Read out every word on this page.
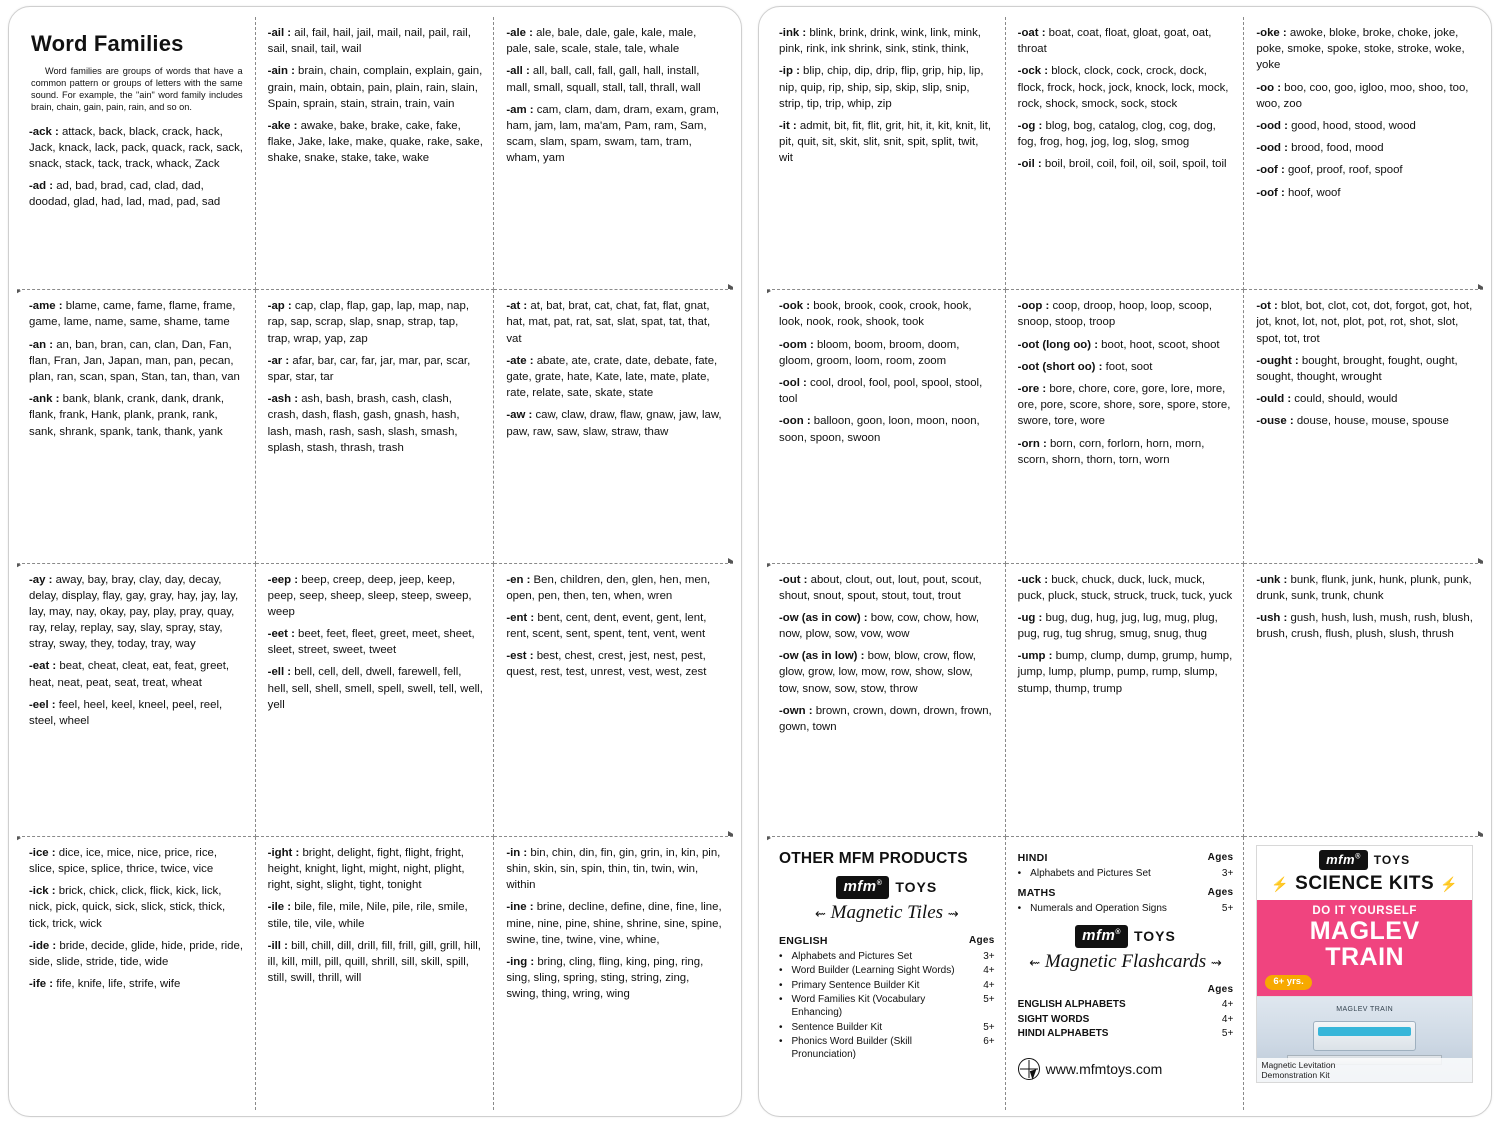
Word Families
Word families are groups of words that have a common pattern or groups of letters with the same sound. For example, the "ain" word family includes brain, chain, gain, pain, rain, and so on.

-ack : attack, back, black, crack, hack, Jack, knack, lack, pack, quack, rack, sack, snack, stack, tack, track, whack, Zack

-ad : ad, bad, brad, cad, clad, dad, doodad, glad, had, lad, mad, pad, sad

-ail : ail, fail, hail, jail, mail, nail, pail, rail, sail, snail, tail, wail

-ain : brain, chain, complain, explain, gain, grain, main, obtain, pain, plain, rain, slain, Spain, sprain, stain, strain, train, vain

-ake : awake, bake, brake, cake, fake, flake, Jake, lake, make, quake, rake, sake, shake, snake, stake, take, wake

-ale : ale, bale, dale, gale, kale, male, pale, sale, scale, stale, tale, whale

-all : all, ball, call, fall, gall, hall, install, mall, small, squall, stall, tall, thrall, wall

-am : cam, clam, dam, dram, exam, gram, ham, jam, lam, ma'am, Pam, ram, Sam, scam, slam, spam, swam, tam, tram, wham, yam

-ame : blame, came, fame, flame, frame, game, lame, name, same, shame, tame

-an : an, ban, bran, can, clan, Dan, Fan, flan, Fran, Jan, Japan, man, pan, pecan, plan, ran, scan, span, Stan, tan, than, van

-ank : bank, blank, crank, dank, drank, flank, frank, Hank, plank, prank, rank, sank, shrank, spank, tank, thank, yank

-ap : cap, clap, flap, gap, lap, map, nap, rap, sap, scrap, slap, snap, strap, tap, trap, wrap, yap, zap

-ar : afar, bar, car, far, jar, mar, par, scar, spar, star, tar

-ash : ash, bash, brash, cash, clash, crash, dash, flash, gash, gnash, hash, lash, mash, rash, sash, slash, smash, splash, stash, thrash, trash

-at : at, bat, brat, cat, chat, fat, flat, gnat, hat, mat, pat, rat, sat, slat, spat, tat, that, vat

-ate : abate, ate, crate, date, debate, fate, gate, grate, hate, Kate, late, mate, plate, rate, relate, sate, skate, state

-aw : caw, claw, draw, flaw, gnaw, jaw, law, paw, raw, saw, slaw, straw, thaw

-ay : away, bay, bray, clay, day, decay, delay, display, flay, gay, gray, hay, jay, lay, lay, may, nay, okay, pay, play, pray, quay, ray, relay, replay, say, slay, spray, stay, stray, sway, they, today, tray, way

-eat : beat, cheat, cleat, eat, feat, greet, heat, neat, peat, seat, treat, wheat

-eel : feel, heel, keel, kneel, peel, reel, steel, wheel

-eep : beep, creep, deep, jeep, keep, peep, seep, sheep, sleep, steep, sweep, weep

-eet : beet, feet, fleet, greet, meet, sheet, sleet, street, sweet, tweet

-ell : bell, cell, dell, dwell, farewell, fell, hell, sell, shell, smell, spell, swell, tell, well, yell

-en : Ben, children, den, glen, hen, men, open, pen, then, ten, when, wren

-ent : bent, cent, dent, event, gent, lent, rent, scent, sent, spent, tent, vent, went

-est : best, chest, crest, jest, nest, pest, quest, rest, test, unrest, vest, west, zest

-ice : dice, ice, mice, nice, price, rice, slice, spice, splice, thrice, twice, vice

-ick : brick, chick, click, flick, kick, lick, nick, pick, quick, sick, slick, stick, thick, tick, trick, wick

-ide : bride, decide, glide, hide, pride, ride, side, slide, stride, tide, wide

-ife : fife, knife, life, strife, wife

-ight : bright, delight, fight, flight, fright, height, knight, light, might, night, plight, right, sight, slight, tight, tonight

-ile : bile, file, mile, Nile, pile, rile, smile, stile, tile, vile, while

-ill : bill, chill, dill, drill, fill, frill, gill, grill, hill, ill, kill, mill, pill, quill, shrill, sill, skill, spill, still, swill, thrill, will

-in : bin, chin, din, fin, gin, grin, in, kin, pin, shin, skin, sin, spin, thin, tin, twin, win, within

-ine : brine, decline, define, dine, fine, line, mine, nine, pine, shine, shrine, sine, spine, swine, tine, twine, vine, whine,

-ing : bring, cling, fling, king, ping, ring, sing, sling, spring, sting, string, zing, swing, thing, wring, wing

-ink : blink, brink, drink, wink, link, mink, pink, rink, ink shrink, sink, stink, think,

-ip : blip, chip, dip, drip, flip, grip, hip, lip, nip, quip, rip, ship, sip, skip, slip, snip, strip, tip, trip, whip, zip

-it : admit, bit, fit, flit, grit, hit, it, kit, knit, lit, pit, quit, sit, skit, slit, snit, spit, split, twit, wit

-oat : boat, coat, float, gloat, goat, oat, throat

-ock : block, clock, cock, crock, dock, flock, frock, hock, jock, knock, lock, mock, rock, shock, smock, sock, stock

-og : blog, bog, catalog, clog, cog, dog, fog, frog, hog, jog, log, slog, smog

-oil : boil, broil, coil, foil, oil, soil, spoil, toil

-oke : awoke, bloke, broke, choke, joke, poke, smoke, spoke, stoke, stroke, woke, yoke

-oo : boo, coo, goo, igloo, moo, shoo, too, woo, zoo

-ood : good, hood, stood, wood

-ood : brood, food, mood

-oof : goof, proof, roof, spoof

-oof : hoof, woof

-ook : book, brook, cook, crook, hook, look, nook, rook, shook, took

-oom : bloom, boom, broom, doom, gloom, groom, loom, room, zoom

-ool : cool, drool, fool, pool, spool, stool, tool

-oon : balloon, goon, loon, moon, noon, soon, spoon, swoon

-oop : coop, droop, hoop, loop, scoop, snoop, stoop, troop

-oot (long oo) : boot, hoot, scoot, shoot

-oot (short oo) : foot, soot

-ore : bore, chore, core, gore, lore, more, ore, pore, score, shore, sore, spore, store, swore, tore, wore

-orn : born, corn, forlorn, horn, morn, scorn, shorn, thorn, torn, worn

-ot : blot, bot, clot, cot, dot, forgot, got, hot, jot, knot, lot, not, plot, pot, rot, shot, slot, spot, tot, trot

-ought : bought, brought, fought, ought, sought, thought, wrought

-ould : could, should, would

-ouse : douse, house, mouse, spouse

-out : about, clout, out, lout, pout, scout, shout, snout, spout, stout, tout, trout

-ow (as in cow) : bow, cow, chow, how, now, plow, sow, vow, wow

-ow (as in low) : bow, blow, crow, flow, glow, grow, low, mow, row, show, slow, tow, snow, sow, stow, throw

-own : brown, crown, down, drown, frown, gown, town

-uck : buck, chuck, duck, luck, muck, puck, pluck, stuck, struck, truck, tuck, yuck

-ug : bug, dug, hug, jug, lug, mug, plug, pug, rug, tug shrug, smug, snug, thug

-ump : bump, clump, dump, grump, hump, jump, lump, plump, pump, rump, slump, stump, thump, trump

-unk : bunk, flunk, junk, hunk, plunk, punk, drunk, sunk, trunk, chunk

-ush : gush, hush, lush, mush, rush, blush, brush, crush, flush, plush, slush, thrush

OTHER MFM PRODUCTS
mfm® TOYS
⇜ Magnetic Tiles ⇝
ENGLISH	Ages
• Alphabets and Pictures Set	3+
• Word Builder (Learning Sight Words)	4+
• Primary Sentence Builder Kit	4+
• Word Families Kit (Vocabulary Enhancing)
5+
• Sentence Builder Kit	5+
• Phonics Word Builder (Skill Pronunciation)
6+
HINDI	Ages
• Alphabets and Pictures Set	3+
MATHS	Ages
• Numerals and Operation Signs	5+
mfm® TOYS
⇜ Magnetic Flashcards ⇝
Ages
ENGLISH ALPHABETS	4+
SIGHT WORDS	4+
HINDI ALPHABETS	5+
www.mfmtoys.com
mfm®	TOYS
⚡ SCIENCE KITS ⚡
DO IT YOURSELF
MAGLEV
TRAIN
6+ yrs.
MAGLEV TRAIN
Magnetic Levitation
Demonstration Kit
